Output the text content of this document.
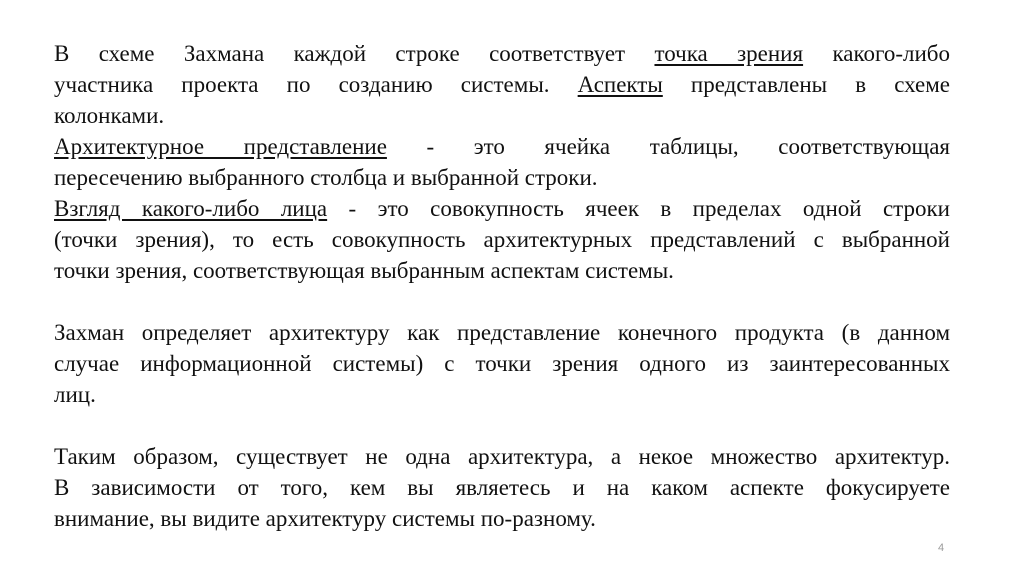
В схеме Захмана каждой строке соответствует точка зрения какого-либо
участника проекта по созданию системы. Аспекты представлены в схеме
колонками.
Архитектурное представление - это ячейка таблицы, соответствующая
пересечению выбранного столбца и выбранной строки.
Взгляд какого-либо лица - это совокупность ячеек в пределах одной строки
(точки зрения), то есть совокупность архитектурных представлений с выбранной
точки зрения, соответствующая выбранным аспектам системы.
Захман определяет архитектуру как представление конечного продукта (в данном
случае информационной системы) с точки зрения одного из заинтересованных
лиц.
Таким образом, существует не одна архитектура, а некое множество архитектур.
В зависимости от того, кем вы являетесь и на каком аспекте фокусируете
внимание, вы видите архитектуру системы по-разному.
4
